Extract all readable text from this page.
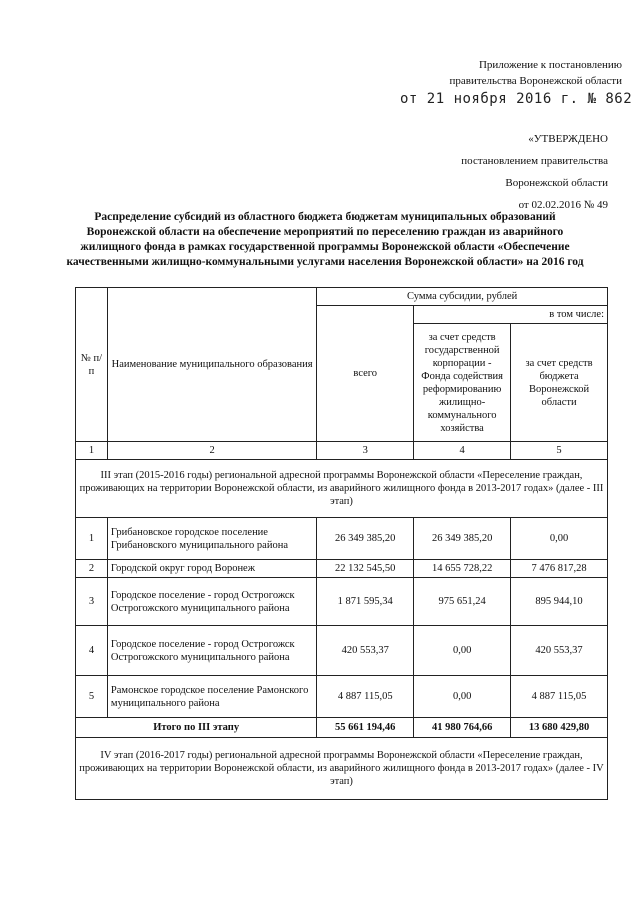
Приложение к постановлению
правительства Воронежской области
от 21 ноября 2016 г. № 862
«УТВЕРЖДЕНО
постановлением правительства
Воронежской области
от 02.02.2016 № 49
Распределение субсидий из областного бюджета бюджетам муниципальных образований
Воронежской области на обеспечение мероприятий по переселению граждан из аварийного
жилищного фонда в рамках государственной программы Воронежской области «Обеспечение
качественными жилищно-коммунальными услугами населения Воронежской области» на 2016 год
№ п/п	Наименование муниципального образования	Сумма субсидии, рублей		
		всего	в том числе:	
			за счет средств государственной корпорации - Фонда содействия реформированию жилищно-коммунального хозяйства	за счет средств бюджета Воронежской области
1	2	3	4	5
III этап (2015-2016 годы) региональной адресной программы Воронежской области «Переселение граждан, проживающих на территории Воронежской области, из аварийного жилищного фонда в 2013-2017 годах» (далее - III этап)				
1	Грибановское городское поселение Грибановского муниципального района	26 349 385,20	26 349 385,20	0,00
2	Городской округ город Воронеж	22 132 545,50	14 655 728,22	7 476 817,28
3	Городское поселение - город Острогожск Острогожского муниципального района	1 871 595,34	975 651,24	895 944,10
4	Городское поселение - город Острогожск Острогожского муниципального района	420 553,37	0,00	420 553,37
5	Рамонское городское поселение Рамонского муниципального района	4 887 115,05	0,00	4 887 115,05
Итого по III этапу		55 661 194,46	41 980 764,66	13 680 429,80
IV этап (2016-2017 годы) региональной адресной программы Воронежской области «Переселение граждан, проживающих на территории Воронежской области, из аварийного жилищного фонда в 2013-2017 годах» (далее - IV этап)				
